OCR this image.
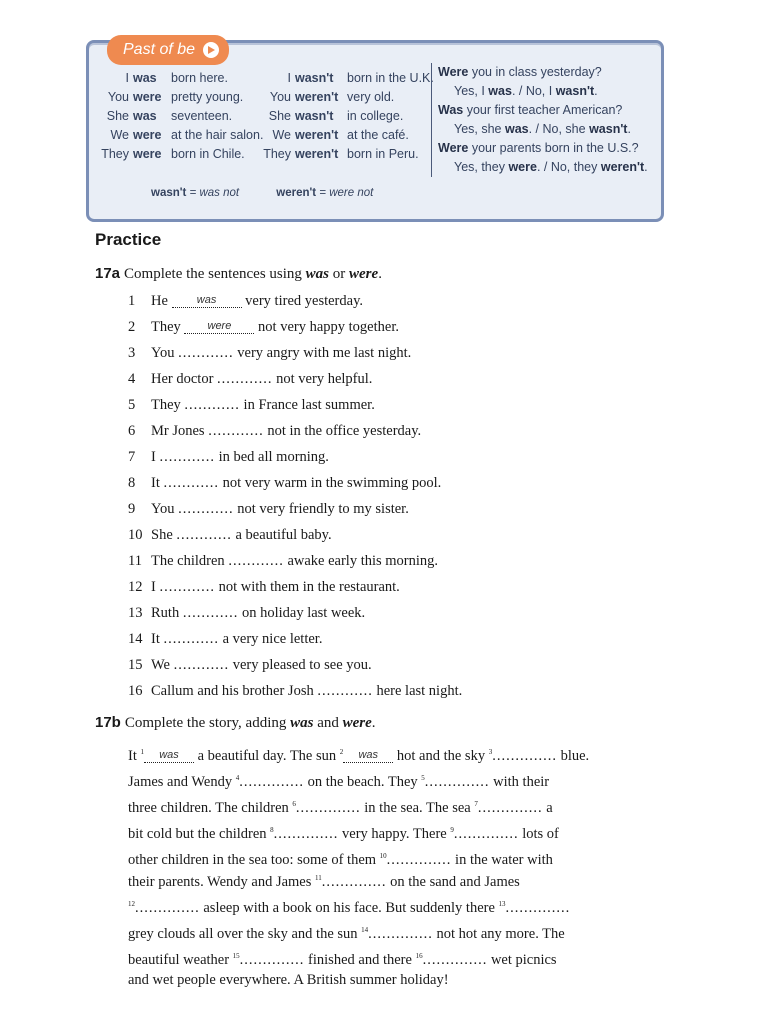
Past of be
I was born here.
You were pretty young.
She was seventeen.
We were at the hair salon.
They were born in Chile.
I wasn't born in the U.K.
You weren't very old.
She wasn't in college.
We weren't at the café.
They weren't born in Peru.
Were you in class yesterday?
Yes, I was. / No, I wasn't.
Was your first teacher American?
Yes, she was. / No, she wasn't.
Were your parents born in the U.S.?
Yes, they were. / No, they weren't.
wasn't = was not	weren't = were not
Practice
17a Complete the sentences using was or were.
1 He was very tired yesterday.
2 They were not very happy together.
3 You ............ very angry with me last night.
4 Her doctor ............ not very helpful.
5 They ............ in France last summer.
6 Mr Jones ............ not in the office yesterday.
7 I ............ in bed all morning.
8 It ............ not very warm in the swimming pool.
9 You ............ not very friendly to my sister.
10 She ............ a beautiful baby.
11 The children ............ awake early this morning.
12 I ............ not with them in the restaurant.
13 Ruth ............ on holiday last week.
14 It ............ a very nice letter.
15 We ............ very pleased to see you.
16 Callum and his brother Josh ............ here last night.
17b Complete the story, adding was and were.
It $^1$ was a beautiful day. The sun $^2$ was hot and the sky $^3$.............. blue.
James and Wendy $^4$.............. on the beach. They $^5$.............. with their
three children. The children $^6$.............. in the sea. The sea $^7$.............. a
bit cold but the children $^8$.............. very happy. There $^9$.............. lots of
other children in the sea too: some of them $^{10}$.............. in the water with
their parents. Wendy and James $^{11}$.............. on the sand and James
$^{12}$.............. asleep with a book on his face. But suddenly there $^{13}$..............
grey clouds all over the sky and the sun $^{14}$.............. not hot any more. The
beautiful weather $^{15}$.............. finished and there $^{16}$.............. wet picnics
and wet people everywhere. A British summer holiday!
